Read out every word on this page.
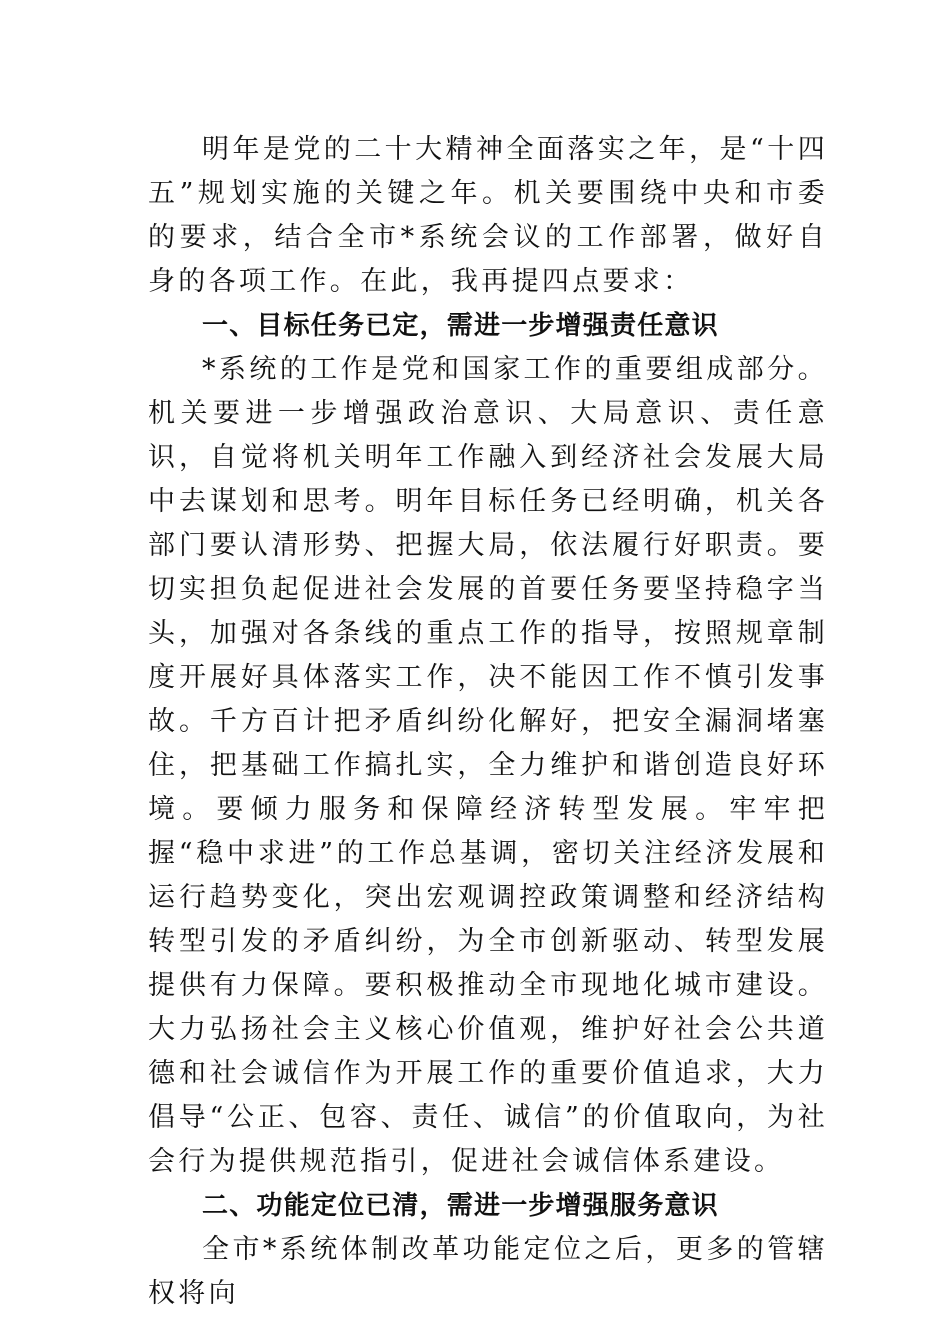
明年是党的二十大精神全面落实之年，是“十四五”规划实施的关键之年。机关要围绕中央和市委的要求，结合全市*系统会议的工作部署，做好自身的各项工作。在此，我再提四点要求：

一、目标任务已定，需进一步增强责任意识

*系统的工作是党和国家工作的重要组成部分。机关要进一步增强政治意识、大局意识、责任意识，自觉将机关明年工作融入到经济社会发展大局中去谋划和思考。明年目标任务已经明确，机关各部门要认清形势、把握大局，依法履行好职责。要切实担负起促进社会发展的首要任务要坚持稳字当头，加强对各条线的重点工作的指导，按照规章制度开展好具体落实工作，决不能因工作不慎引发事故。千方百计把矛盾纠纷化解好，把安全漏洞堵塞住，把基础工作搞扎实，全力维护和谐创造良好环境。要倾力服务和保障经济转型发展。牢牢把握“稳中求进”的工作总基调，密切关注经济发展和运行趋势变化，突出宏观调控政策调整和经济结构转型引发的矛盾纠纷，为全市创新驱动、转型发展提供有力保障。要积极推动全市现地化城市建设。大力弘扬社会主义核心价值观，维护好社会公共道德和社会诚信作为开展工作的重要价值追求，大力倡导“公正、包容、责任、诚信”的价值取向，为社会行为提供规范指引，促进社会诚信体系建设。

二、功能定位已清，需进一步增强服务意识

全市*系统体制改革功能定位之后，更多的管辖权将向
